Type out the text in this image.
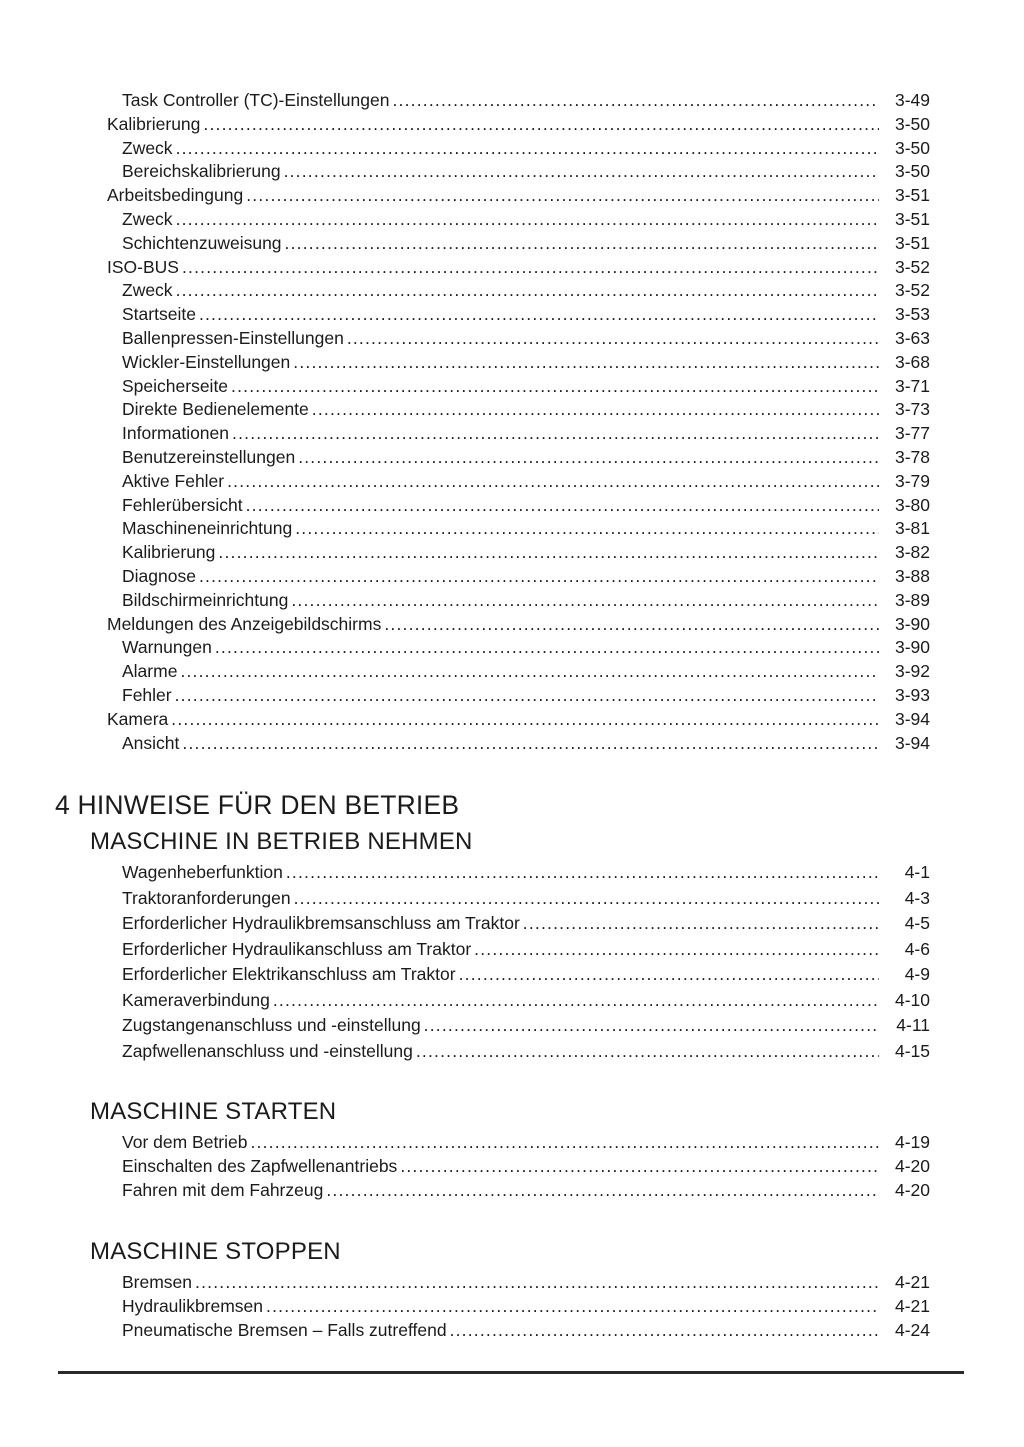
Task Controller (TC)-Einstellungen .....	3-49
Kalibrierung .....	3-50
Zweck .....	3-50
Bereichskalibrierung .....	3-50
Arbeitsbedingung .....	3-51
Zweck .....	3-51
Schichtenzuweisung .....	3-51
ISO-BUS .....	3-52
Zweck .....	3-52
Startseite .....	3-53
Ballenpressen-Einstellungen .....	3-63
Wickler-Einstellungen .....	3-68
Speicherseite .....	3-71
Direkte Bedienelemente .....	3-73
Informationen .....	3-77
Benutzereinstellungen .....	3-78
Aktive Fehler .....	3-79
Fehlerübersicht .....	3-80
Maschineneinrichtung .....	3-81
Kalibrierung .....	3-82
Diagnose .....	3-88
Bildschirmeinrichtung .....	3-89
Meldungen des Anzeigebildschirms .....	3-90
Warnungen .....	3-90
Alarme .....	3-92
Fehler .....	3-93
Kamera .....	3-94
Ansicht .....	3-94
4 HINWEISE FÜR DEN BETRIEB
MASCHINE IN BETRIEB NEHMEN
Wagenheberfunktion .....	4-1
Traktoranforderungen .....	4-3
Erforderlicher Hydraulikbremsanschluss am Traktor .....	4-5
Erforderlicher Hydraulikanschluss am Traktor .....	4-6
Erforderlicher Elektrikanschluss am Traktor .....	4-9
Kameraverbindung .....	4-10
Zugstangenanschluss und -einstellung .....	4-11
Zapfwellenanschluss und -einstellung .....	4-15
MASCHINE STARTEN
Vor dem Betrieb .....	4-19
Einschalten des Zapfwellenantriebs .....	4-20
Fahren mit dem Fahrzeug .....	4-20
MASCHINE STOPPEN
Bremsen .....	4-21
Hydraulikbremsen .....	4-21
Pneumatische Bremsen – Falls zutreffend .....	4-24
